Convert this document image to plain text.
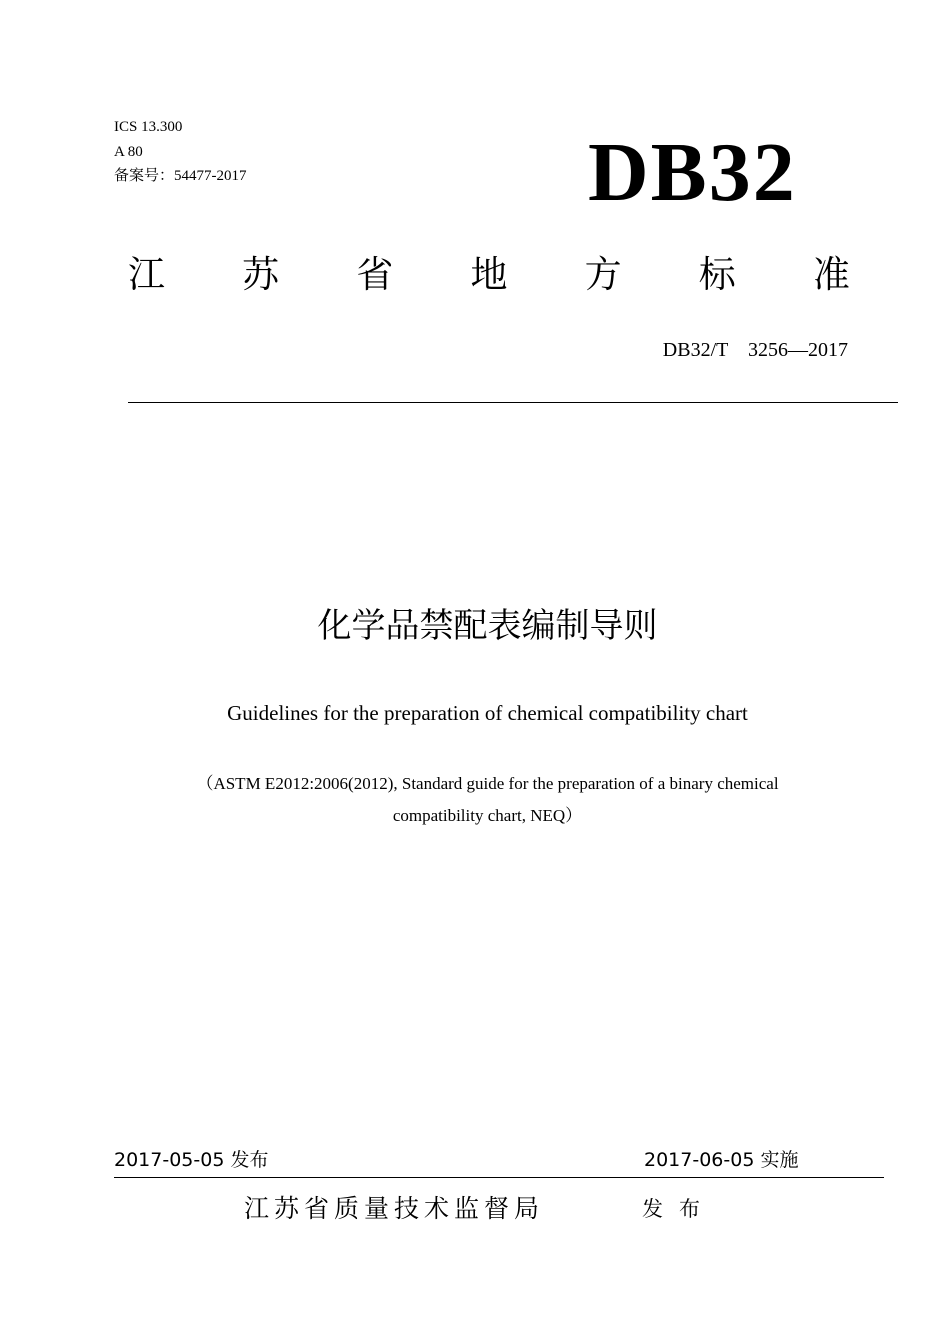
ICS 13.300
A 80
备案号：54477-2017	DB32
江 苏 省 地 方 标 准
DB32/T    3256—2017
化学品禁配表编制导则
Guidelines for the preparation of chemical compatibility chart
（ASTM E2012:2006(2012), Standard guide for the preparation of a binary chemical
compatibility chart, NEQ）
2017-05-05 发布	2017-06-05 实施
江苏省质量技术监督局	发布
